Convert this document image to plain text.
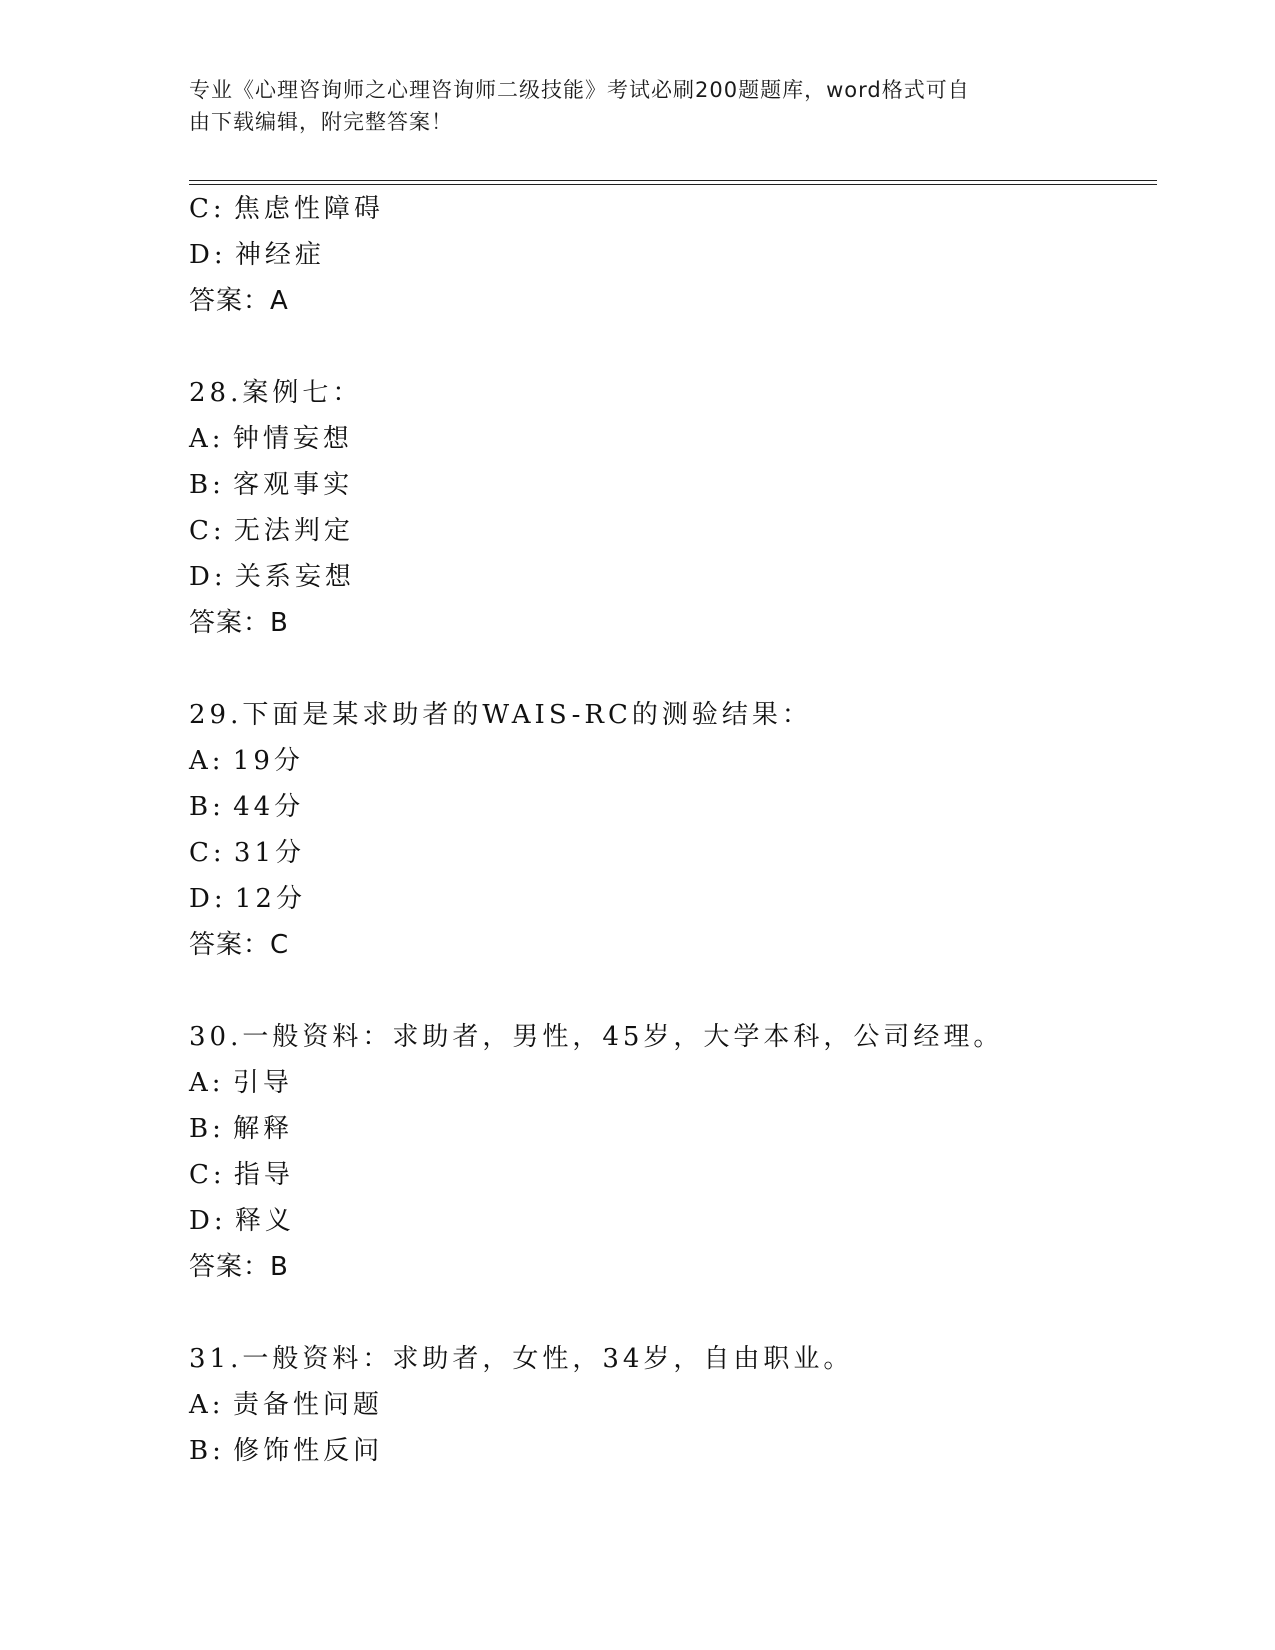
专业《心理咨询师之心理咨询师二级技能》考试必刷200题题库，word格式可自
由下载编辑，附完整答案！
C: 焦虑性障碍
D: 神经症
答案：A
28.案例七：
A: 钟情妄想
B: 客观事实
C: 无法判定
D: 关系妄想
答案：B
29.下面是某求助者的WAIS-RC的测验结果：
A: 19分
B: 44分
C: 31分
D: 12分
答案：C
30.一般资料：求助者，男性，45岁，大学本科，公司经理。
A: 引导
B: 解释
C: 指导
D: 释义
答案：B
31.一般资料：求助者，女性，34岁，自由职业。
A: 责备性问题
B: 修饰性反问
